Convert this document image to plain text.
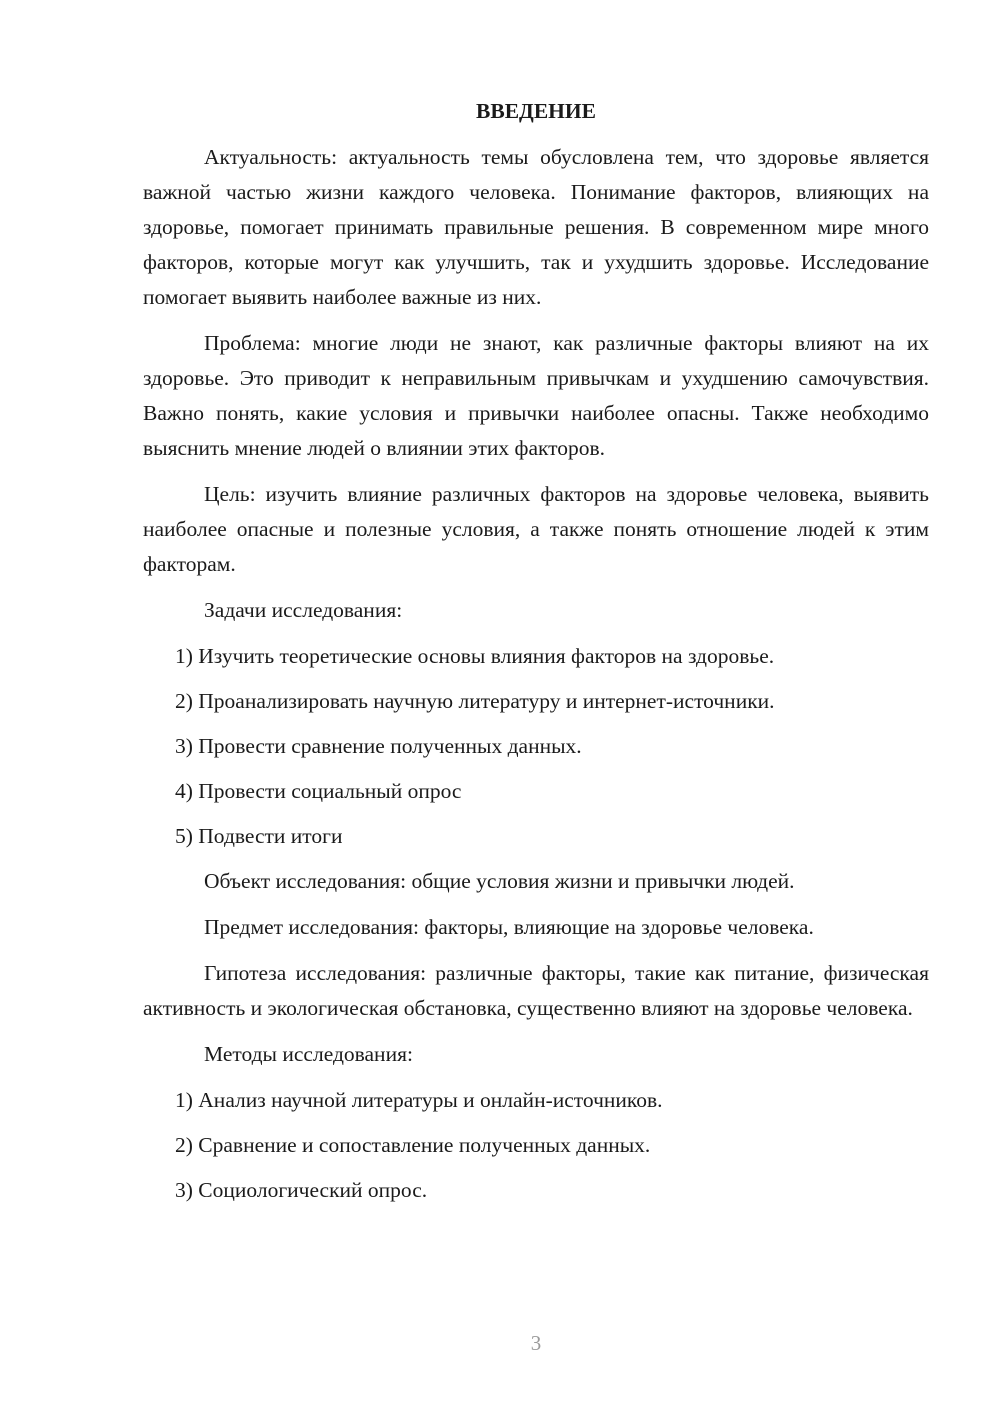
ВВЕДЕНИЕ

Актуальность: актуальность темы обусловлена тем, что здоровье является важной частью жизни каждого человека. Понимание факторов, влияющих на здоровье, помогает принимать правильные решения. В современном мире много факторов, которые могут как улучшить, так и ухудшить здоровье. Исследование помогает выявить наиболее важные из них.

Проблема: многие люди не знают, как различные факторы влияют на их здоровье. Это приводит к неправильным привычкам и ухудшению самочувствия. Важно понять, какие условия и привычки наиболее опасны. Также необходимо выяснить мнение людей о влиянии этих факторов.

Цель: изучить влияние различных факторов на здоровье человека, выявить наиболее опасные и полезные условия, а также понять отношение людей к этим факторам.

Задачи исследования:

1) Изучить теоретические основы влияния факторов на здоровье.
2) Проанализировать научную литературу и интернет-источники.
3) Провести сравнение полученных данных.
4) Провести социальный опрос
5) Подвести итоги

Объект исследования: общие условия жизни и привычки людей.

Предмет исследования: факторы, влияющие на здоровье человека.

Гипотеза исследования: различные факторы, такие как питание, физическая активность и экологическая обстановка, существенно влияют на здоровье человека.

Методы исследования:

1) Анализ научной литературы и онлайн-источников.
2) Сравнение и сопоставление полученных данных.
3) Социологический опрос.
3
